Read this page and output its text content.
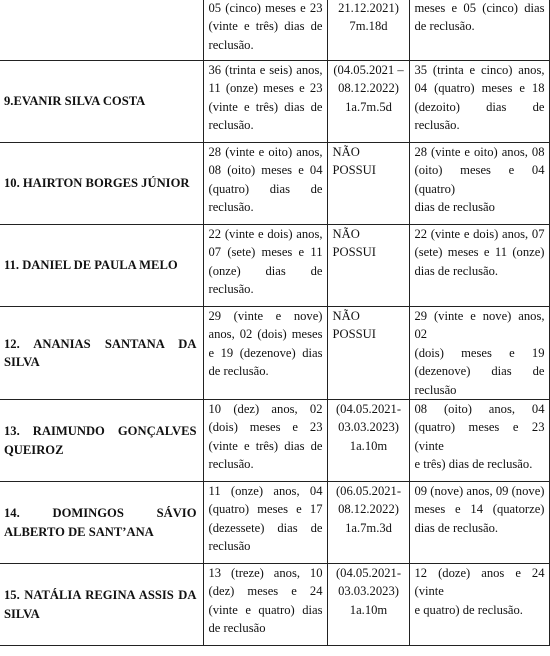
	05 (cinco) meses e 23
(vinte e três) dias de
reclusão.	21.12.2021)
7m.18d	meses e 05 (cinco) dias
de reclusão.

9.EVANIR SILVA COSTA	36 (trinta e seis) anos,
11 (onze) meses e 23
(vinte e três) dias de
reclusão.	(04.05.2021 –
08.12.2022)
1a.7m.5d	35 (trinta e cinco) anos,
04 (quatro) meses e 18
(dezoito) dias de
reclusão.

10. HAIRTON BORGES JÚNIOR	28 (vinte e oito) anos,
08 (oito) meses e 04
(quatro) dias de
reclusão.	NÃO
POSSUI	28 (vinte e oito) anos, 08
(oito) meses e 04 (quatro)
dias de reclusão

11. DANIEL DE PAULA MELO	22 (vinte e dois) anos,
07 (sete) meses e 11
(onze) dias de
reclusão.	NÃO
POSSUI	22 (vinte e dois) anos, 07
(sete) meses e 11 (onze)
dias de reclusão.

12. ANANIAS SANTANA DA SILVA	29 (vinte e nove)
anos, 02 (dois) meses
e 19 (dezenove) dias
de reclusão.	NÃO
POSSUI	29 (vinte e nove) anos, 02
(dois) meses e 19
(dezenove) dias de
reclusão

13. RAIMUNDO GONÇALVES QUEIROZ	10 (dez) anos, 02
(dois) meses e 23
(vinte e três) dias de
reclusão.	(04.05.2021-
03.03.2023)
1a.10m	08 (oito) anos, 04
(quatro) meses e 23 (vinte
e três) dias de reclusão.

14. DOMINGOS SÁVIO ALBERTO DE SANT’ANA	11 (onze) anos, 04
(quatro) meses e 17
(dezessete) dias de
reclusão	(06.05.2021-
08.12.2022)
1a.7m.3d	09 (nove) anos, 09 (nove)
meses e 14 (quatorze)
dias de reclusão.

15. NATÁLIA REGINA ASSIS DA SILVA	13 (treze) anos, 10
(dez) meses e 24
(vinte e quatro) dias
de reclusão	(04.05.2021-
03.03.2023)
1a.10m	12 (doze) anos e 24 (vinte
e quatro) de reclusão.
